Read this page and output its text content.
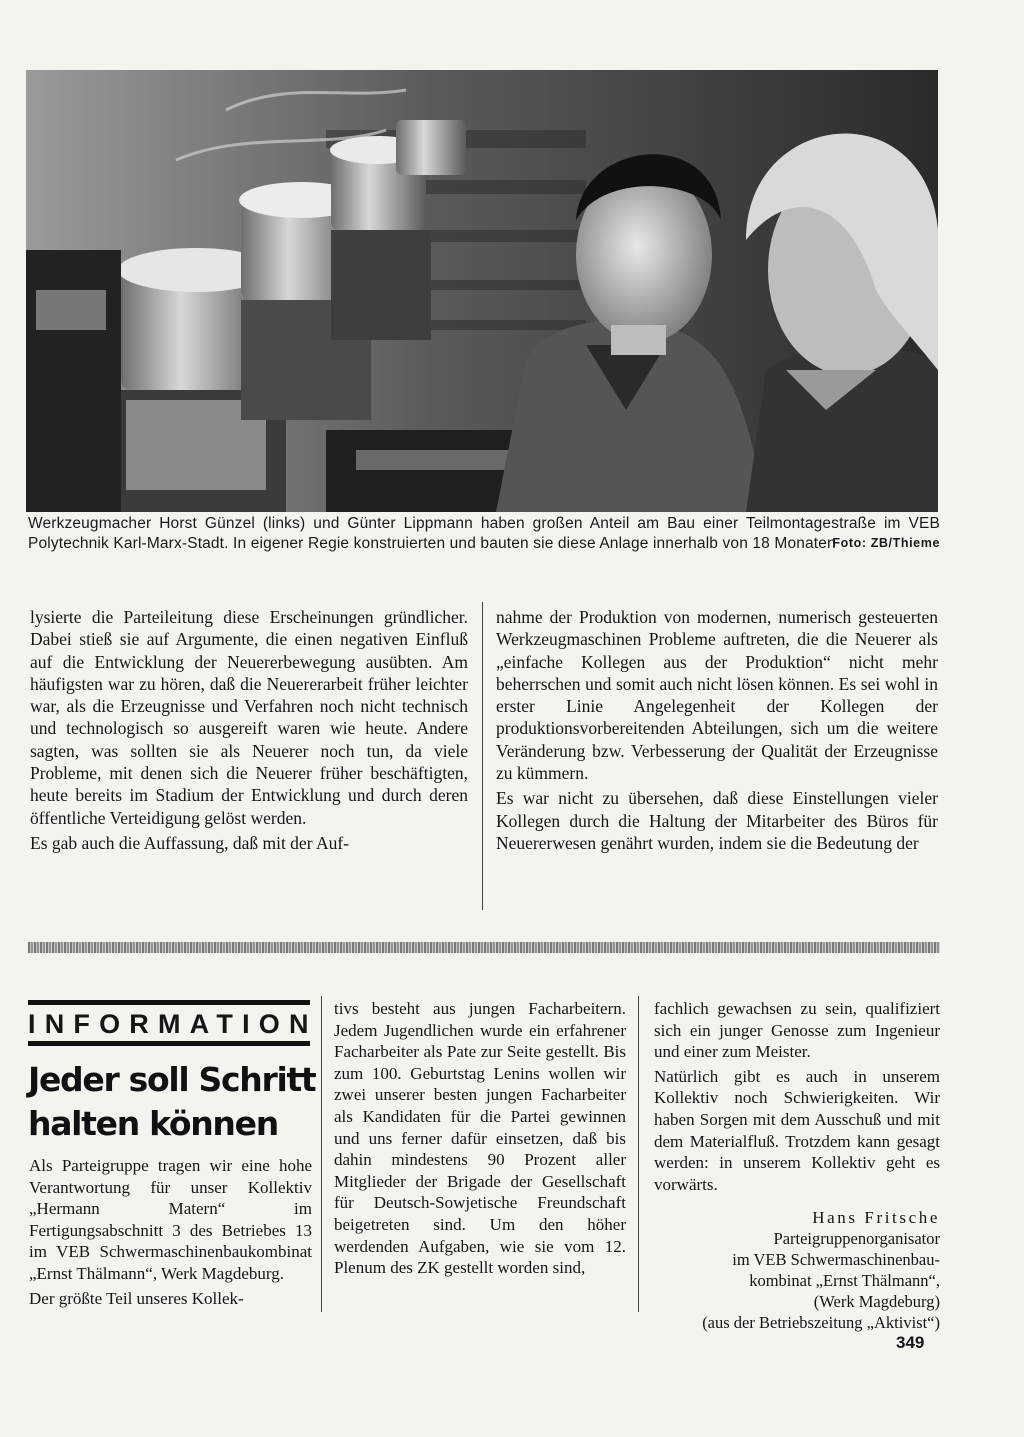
Werkzeugmacher Horst Günzel (links) und Günter Lippmann haben großen Anteil am Bau einer Teilmontagestraße im VEB Polytechnik Karl-Marx-Stadt. In eigener Regie konstruierten und bauten sie diese Anlage innerhalb von 18 Monaten
Foto: ZB/Thieme

lysierte die Parteileitung diese Erscheinungen gründlicher. Dabei stieß sie auf Argumente, die einen negativen Einfluß auf die Entwicklung der Neuererbewegung ausübten. Am häufigsten war zu hören, daß die Neuererarbeit früher leichter war, als die Erzeugnisse und Verfahren noch nicht technisch und technologisch so ausgereift waren wie heute. Andere sagten, was sollten sie als Neuerer noch tun, da viele Probleme, mit denen sich die Neuerer früher beschäftigten, heute bereits im Stadium der Entwicklung und durch deren öffentliche Verteidigung gelöst werden.

Es gab auch die Auffassung, daß mit der Auf-

nahme der Produktion von modernen, numerisch gesteuerten Werkzeugmaschinen Probleme auftreten, die die Neuerer als „einfache Kollegen aus der Produktion“ nicht mehr beherrschen und somit auch nicht lösen können. Es sei wohl in erster Linie Angelegenheit der Kollegen der produktionsvorbereitenden Abteilungen, sich um die weitere Veränderung bzw. Verbesserung der Qualität der Erzeugnisse zu kümmern.

Es war nicht zu übersehen, daß diese Einstellungen vieler Kollegen durch die Haltung der Mitarbeiter des Büros für Neuererwesen genährt wurden, indem sie die Bedeutung der

INFORMATION
Jeder soll Schritt halten können

Als Parteigruppe tragen wir eine hohe Verantwortung für unser Kollektiv „Hermann Matern“ im Fertigungsabschnitt 3 des Betriebes 13 im VEB Schwermaschinenbaukombinat „Ernst Thälmann“, Werk Magdeburg.

Der größte Teil unseres Kollek-

tivs besteht aus jungen Facharbeitern. Jedem Jugendlichen wurde ein erfahrener Facharbeiter als Pate zur Seite gestellt. Bis zum 100. Geburtstag Lenins wollen wir zwei unserer besten jungen Facharbeiter als Kandidaten für die Partei gewinnen und uns ferner dafür einsetzen, daß bis dahin mindestens 90 Prozent aller Mitglieder der Brigade der Gesellschaft für Deutsch-Sowjetische Freundschaft beigetreten sind. Um den höher werdenden Aufgaben, wie sie vom 12. Plenum des ZK gestellt worden sind,

fachlich gewachsen zu sein, qualifiziert sich ein junger Genosse zum Ingenieur und einer zum Meister.

Natürlich gibt es auch in unserem Kollektiv noch Schwierigkeiten. Wir haben Sorgen mit dem Ausschuß und mit dem Materialfluß. Trotzdem kann gesagt werden: in unserem Kollektiv geht es vorwärts.

Hans Fritsche
Parteigruppenorganisator
im VEB Schwermaschinenbau-
kombinat „Ernst Thälmann“,
(Werk Magdeburg)
(aus der Betriebszeitung „Aktivist“)
349
